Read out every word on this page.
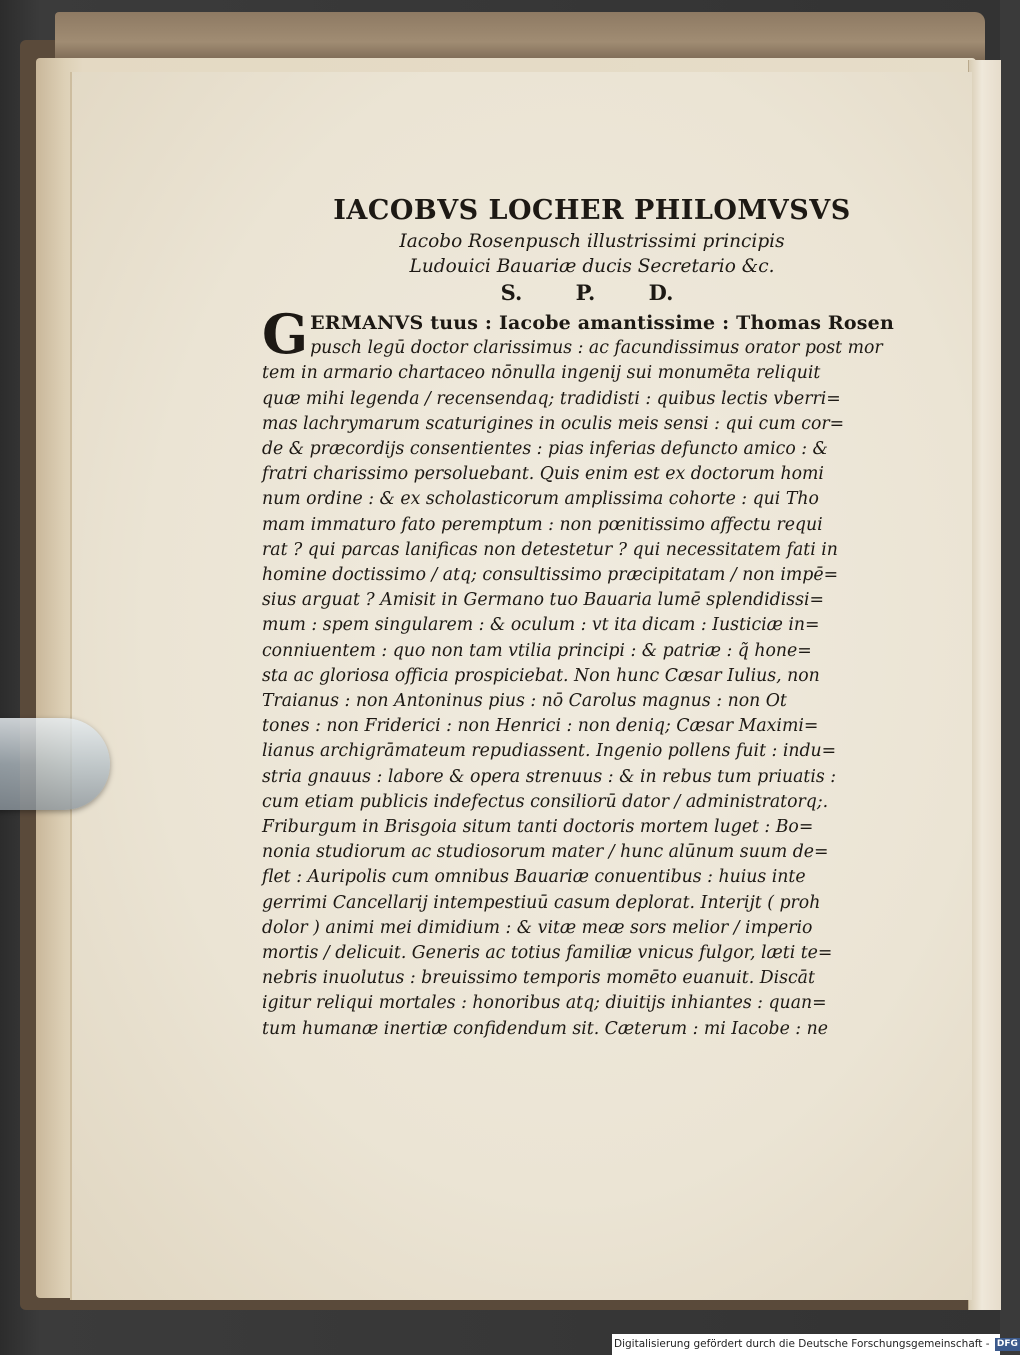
IACOBVS LOCHER PHILOMVSVS

Iacobo Rosenpusch illustrissimi principis

Ludouici Bauariæ ducis Secretario &c.

S. P. D.

G ERMANVS tuus : Iacobe amantissime : Thomas Rosen
pusch legū doctor clarissimus : ac facundissimus orator post mor
tem in armario chartaceo nōnulla ingenij sui monumēta reliquit
quæ mihi legenda / recensendaq; tradidisti : quibus lectis vberri=
mas lachrymarum scaturigines in oculis meis sensi : qui cum cor=
de & præcordijs consentientes : pias inferias defuncto amico : &
fratri charissimo persoluebant. Quis enim est ex doctorum homi
num ordine : & ex scholasticorum amplissima cohorte : qui Tho
mam immaturo fato peremptum : non pœnitissimo affectu requi
rat ? qui parcas lanificas non detestetur ? qui necessitatem fati in
homine doctissimo / atq; consultissimo præcipitatam / non impē=
sius arguat ? Amisit in Germano tuo Bauaria lumē splendidissi=
mum : spem singularem : & oculum : vt ita dicam : Iusticiæ in=
conniuentem : quo non tam vtilia principi : & patriæ : q̃ hone=
sta ac gloriosa officia prospiciebat. Non hunc Cæsar Iulius, non
Traianus : non Antoninus pius : nō Carolus magnus : non Ot
tones : non Friderici : non Henrici : non deniq; Cæsar Maximi=
lianus archigrāmateum repudiassent. Ingenio pollens fuit : indu=
stria gnauus : labore & opera strenuus : & in rebus tum priuatis :
cum etiam publicis indefectus consiliorū dator / administratorq;.
Friburgum in Brisgoia situm tanti doctoris mortem luget : Bo=
nonia studiorum ac studiosorum mater / hunc alūnum suum de=
flet : Auripolis cum omnibus Bauariæ conuentibus : huius inte
gerrimi Cancellarij intempestiuū casum deplorat. Interijt ( proh
dolor ) animi mei dimidium : & vitæ meæ sors melior / imperio
mortis / delicuit. Generis ac totius familiæ vnicus fulgor, læti te=
nebris inuolutus : breuissimo temporis momēto euanuit. Discāt
igitur reliqui mortales : honoribus atq; diuitijs inhiantes : quan=
tum humanæ inertiæ confidendum sit. Cæterum : mi Iacobe : ne
Digitalisierung gefördert durch die Deutsche Forschungsgemeinschaft - DFG
